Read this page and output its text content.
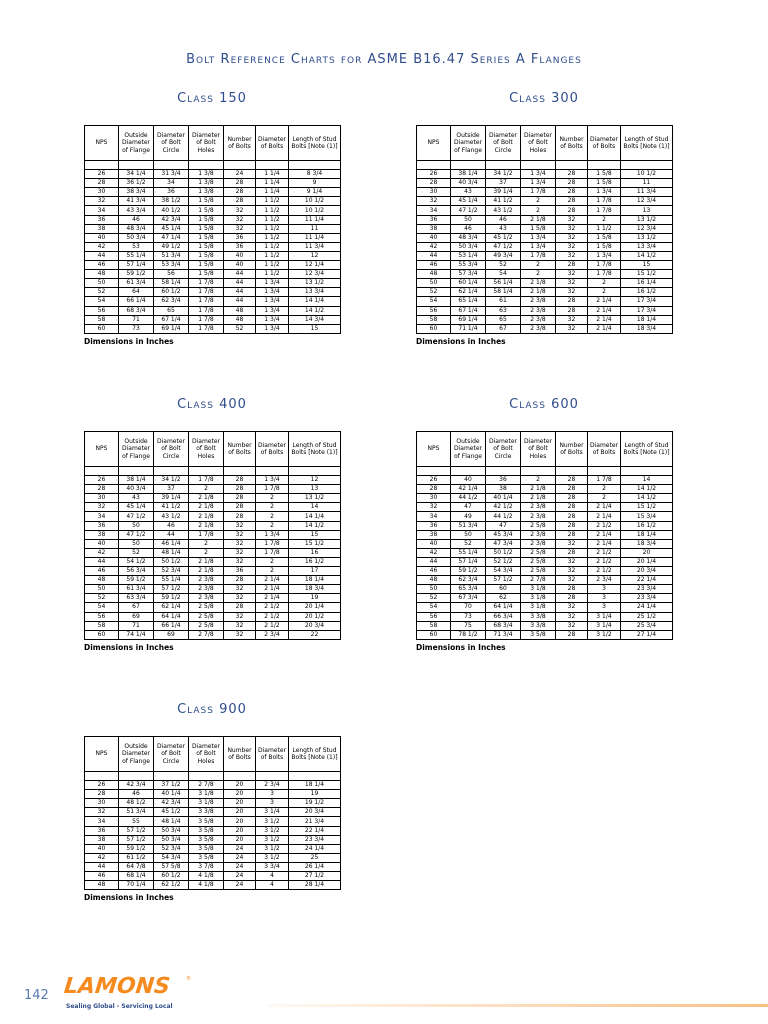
Bolt Reference Charts for ASME B16.47 Series A Flanges
Class 150
NPS	Outside Diameter of Flange	Diameter of Bolt Circle	Diameter of Bolt Holes	Number of Bolts	Diameter of Bolts	Length of Stud Bolts [Note (1)]

26	34 1/4	31 3/4	1 3/8	24	1 1/4	8 3/4
28	36 1/2	34	1 3/8	28	1 1/4	9
30	38 3/4	36	1 3/8	28	1 1/4	9 1/4
32	41 3/4	38 1/2	1 5/8	28	1 1/2	10 1/2
34	43 3/4	40 1/2	1 5/8	32	1 1/2	10 1/2
36	46	42 3/4	1 5/8	32	1 1/2	11 1/4
38	48 3/4	45 1/4	1 5/8	32	1 1/2	11
40	50 3/4	47 1/4	1 5/8	36	1 1/2	11 1/4
42	53	49 1/2	1 5/8	36	1 1/2	11 3/4
44	55 1/4	51 3/4	1 5/8	40	1 1/2	12
46	57 1/4	53 3/4	1 5/8	40	1 1/2	12 1/4
48	59 1/2	56	1 5/8	44	1 1/2	12 3/4
50	61 3/4	58 1/4	1 7/8	44	1 3/4	13 1/2
52	64	60 1/2	1 7/8	44	1 3/4	13 3/4
54	66 1/4	62 3/4	1 7/8	44	1 3/4	14 1/4
56	68 3/4	65	1 7/8	48	1 3/4	14 1/2
58	71	67 1/4	1 7/8	48	1 3/4	14 3/4
60	73	69 1/4	1 7/8	52	1 3/4	15
Dimensions in Inches
Class 300
NPS	Outside Diameter of Flange	Diameter of Bolt Circle	Diameter of Bolt Holes	Number of Bolts	Diameter of Bolts	Length of Stud Bolts [Note (1)]

26	38 1/4	34 1/2	1 3/4	28	1 5/8	10 1/2
28	40 3/4	37	1 3/4	28	1 5/8	11
30	43	39 1/4	1 7/8	28	1 3/4	11 3/4
32	45 1/4	41 1/2	2	28	1 7/8	12 3/4
34	47 1/2	43 1/2	2	28	1 7/8	13
36	50	46	2 1/8	32	2	13 1/2
38	46	43	1 5/8	32	1 1/2	12 3/4
40	48 3/4	45 1/2	1 3/4	32	1 5/8	13 1/2
42	50 3/4	47 1/2	1 3/4	32	1 5/8	13 3/4
44	53 1/4	49 3/4	1 7/8	32	1 3/4	14 1/2
46	55 3/4	52	2	28	1 7/8	15
48	57 3/4	54	2	32	1 7/8	15 1/2
50	60 1/4	56 1/4	2 1/8	32	2	16 1/4
52	62 1/4	58 1/4	2 1/8	32	2	16 1/2
54	65 1/4	61	2 3/8	28	2 1/4	17 3/4
56	67 1/4	63	2 3/8	28	2 1/4	17 3/4
58	69 1/4	65	2 3/8	32	2 1/4	18 1/4
60	71 1/4	67	2 3/8	32	2 1/4	18 3/4
Dimensions in Inches
Class 400
NPS	Outside Diameter of Flange	Diameter of Bolt Circle	Diameter of Bolt Holes	Number of Bolts	Diameter of Bolts	Length of Stud Bolts [Note (1)]

26	38 1/4	34 1/2	1 7/8	28	1 3/4	12
28	40 3/4	37	2	28	1 7/8	13
30	43	39 1/4	2 1/8	28	2	13 1/2
32	45 1/4	41 1/2	2 1/8	28	2	14
34	47 1/2	43 1/2	2 1/8	28	2	14 1/4
36	50	46	2 1/8	32	2	14 1/2
38	47 1/2	44	1 7/8	32	1 3/4	15
40	50	46 1/4	2	32	1 7/8	15 1/2
42	52	48 1/4	2	32	1 7/8	16
44	54 1/2	50 1/2	2 1/8	32	2	16 1/2
46	56 3/4	52 3/4	2 1/8	36	2	17
48	59 1/2	55 1/4	2 3/8	28	2 1/4	18 1/4
50	61 3/4	57 1/2	2 3/8	32	2 1/4	18 3/4
52	63 3/4	59 1/2	2 3/8	32	2 1/4	19
54	67	62 1/4	2 5/8	28	2 1/2	20 1/4
56	69	64 1/4	2 5/8	32	2 1/2	20 1/2
58	71	66 1/4	2 5/8	32	2 1/2	20 3/4
60	74 1/4	69	2 7/8	32	2 3/4	22
Dimensions in Inches
Class 600
NPS	Outside Diameter of Flange	Diameter of Bolt Circle	Diameter of Bolt Holes	Number of Bolts	Diameter of Bolts	Length of Stud Bolts [Note (1)]

26	40	36	2	28	1 7/8	14
28	42 1/4	38	2 1/8	28	2	14 1/2
30	44 1/2	40 1/4	2 1/8	28	2	14 1/2
32	47	42 1/2	2 3/8	28	2 1/4	15 1/2
34	49	44 1/2	2 3/8	28	2 1/4	15 3/4
36	51 3/4	47	2 5/8	28	2 1/2	16 1/2
38	50	45 3/4	2 3/8	28	2 1/4	18 1/4
40	52	47 3/4	2 3/8	32	2 1/4	18 3/4
42	55 1/4	50 1/2	2 5/8	28	2 1/2	20
44	57 1/4	52 1/2	2 5/8	32	2 1/2	20 1/4
46	59 1/2	54 3/4	2 5/8	32	2 1/2	20 3/4
48	62 3/4	57 1/2	2 7/8	32	2 3/4	22 1/4
50	65 3/4	60	3 1/8	28	3	23 3/4
52	67 3/4	62	3 1/8	28	3	23 3/4
54	70	64 1/4	3 1/8	32	3	24 1/4
56	73	66 3/4	3 3/8	32	3 1/4	25 1/2
58	75	68 3/4	3 3/8	32	3 1/4	25 3/4
60	78 1/2	71 3/4	3 5/8	28	3 1/2	27 1/4
Dimensions in Inches
Class 900
NPS	Outside Diameter of Flange	Diameter of Bolt Circle	Diameter of Bolt Holes	Number of Bolts	Diameter of Bolts	Length of Stud Bolts [Note (1)]

26	42 3/4	37 1/2	2 7/8	20	2 3/4	18 1/4
28	46	40 1/4	3 1/8	20	3	19
30	48 1/2	42 3/4	3 1/8	20	3	19 1/2
32	51 3/4	45 1/2	3 3/8	20	3 1/4	20 3/4
34	55	48 1/4	3 5/8	20	3 1/2	21 3/4
36	57 1/2	50 3/4	3 5/8	20	3 1/2	22 1/4
38	57 1/2	50 3/4	3 5/8	20	3 1/2	23 3/4
40	59 1/2	52 3/4	3 5/8	24	3 1/2	24 1/4
42	61 1/2	54 3/4	3 5/8	24	3 1/2	25
44	64 7/8	57 5/8	3 7/8	24	3 3/4	26 1/4
46	68 1/4	60 1/2	4 1/8	24	4	27 1/2
48	70 1/4	62 1/2	4 1/8	24	4	28 1/4
Dimensions in Inches
142 LAMONS	®
Sealing Global - Servicing Local
